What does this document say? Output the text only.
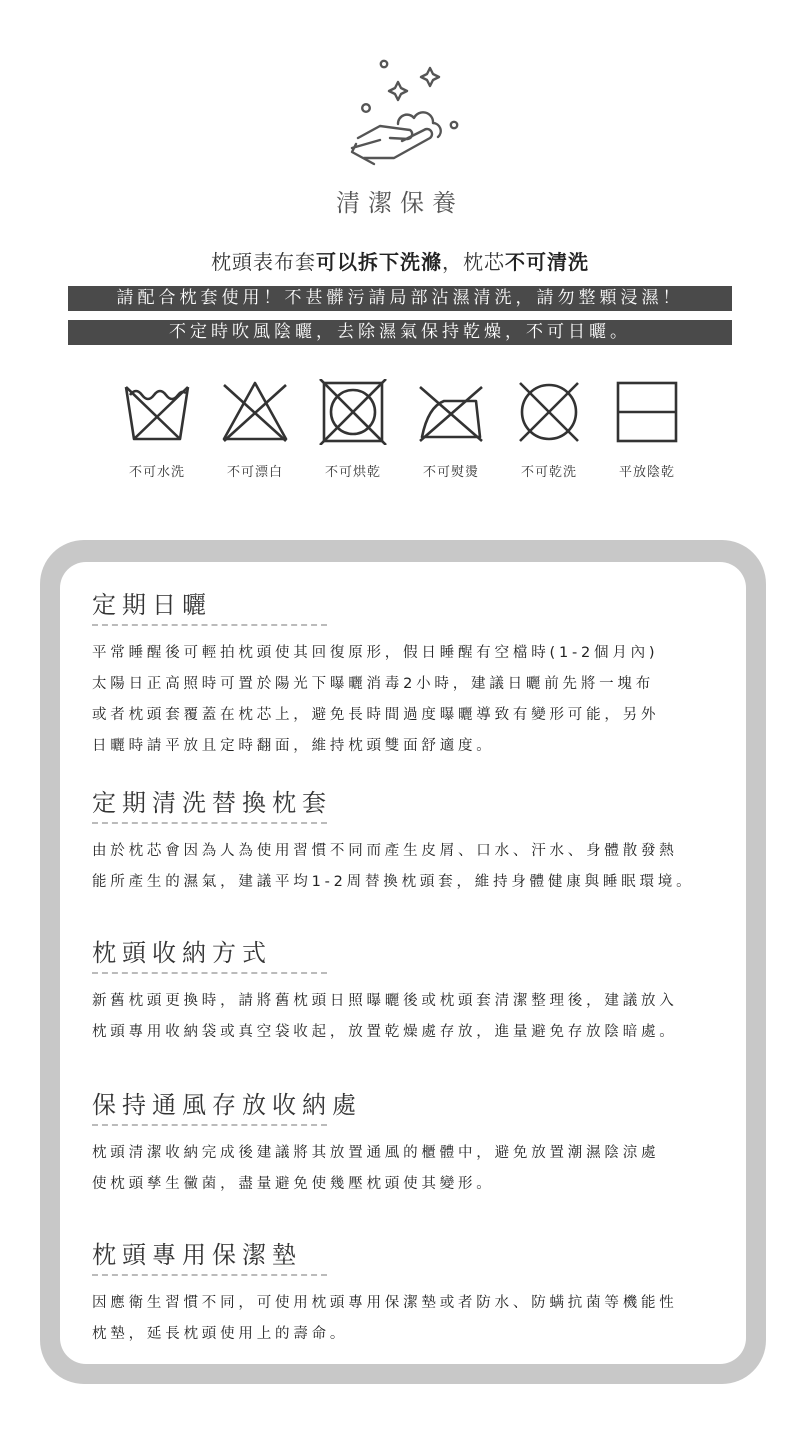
清潔保養
枕頭表布套可以拆下洗滌，枕芯不可清洗
請配合枕套使用！不甚髒污請局部沾濕清洗，請勿整顆浸濕！
不定時吹風陰曬，去除濕氣保持乾燥，不可日曬。
不可水洗	不可漂白	不可烘乾	不可熨燙	不可乾洗	平放陰乾
定期日曬
平常睡醒後可輕拍枕頭使其回復原形，假日睡醒有空檔時(1-2個月內)
太陽日正高照時可置於陽光下曝曬消毒2小時，建議日曬前先將一塊布
或者枕頭套覆蓋在枕芯上，避免長時間過度曝曬導致有變形可能，另外
日曬時請平放且定時翻面，維持枕頭雙面舒適度。
定期清洗替換枕套
由於枕芯會因為人為使用習慣不同而產生皮屑、口水、汗水、身體散發熱
能所產生的濕氣，建議平均1-2周替換枕頭套，維持身體健康與睡眠環境。
枕頭收納方式
新舊枕頭更換時，請將舊枕頭日照曝曬後或枕頭套清潔整理後，建議放入
枕頭專用收納袋或真空袋收起，放置乾燥處存放，進量避免存放陰暗處。
保持通風存放收納處
枕頭清潔收納完成後建議將其放置通風的櫃體中，避免放置潮濕陰涼處
使枕頭孳生黴菌，盡量避免使幾壓枕頭使其變形。
枕頭專用保潔墊
因應衛生習慣不同，可使用枕頭專用保潔墊或者防水、防螨抗菌等機能性
枕墊，延長枕頭使用上的壽命。
